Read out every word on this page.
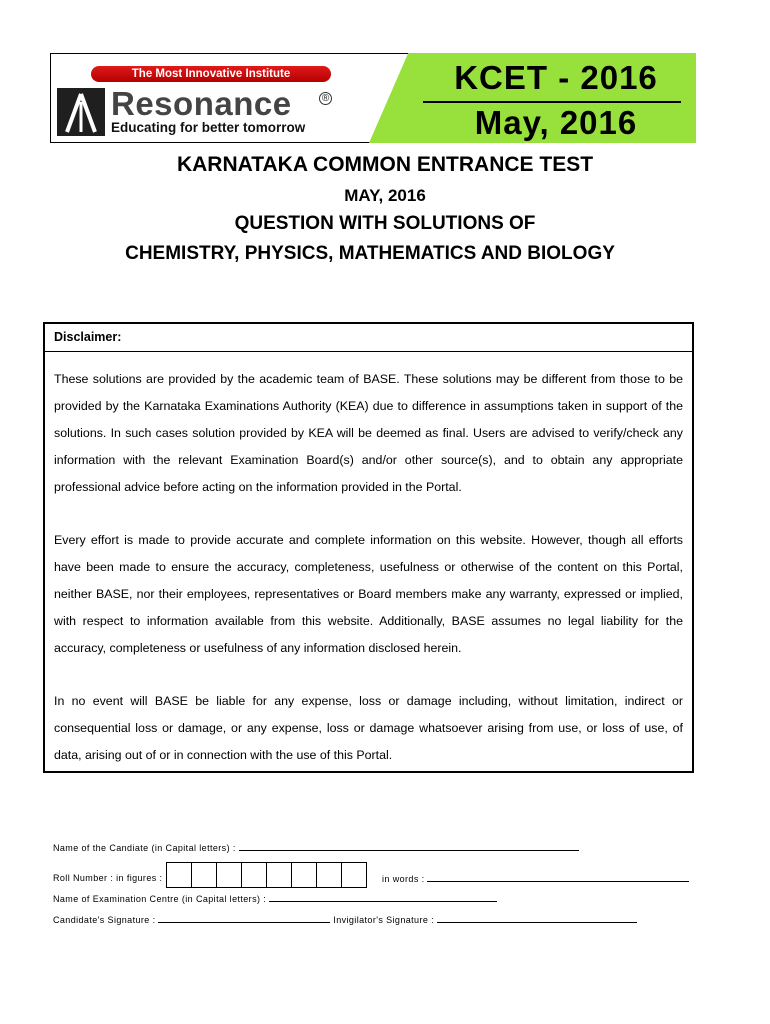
The Most Innovative Institute
Resonance	®
Educating for better tomorrow
KCET - 2016
May, 2016
KARNATAKA COMMON ENTRANCE TEST
MAY, 2016
QUESTION WITH SOLUTIONS OF
CHEMISTRY, PHYSICS, MATHEMATICS AND BIOLOGY
Disclaimer:

These solutions are provided by the academic team of BASE. These solutions may be different from those to be provided by the Karnataka Examinations Authority (KEA) due to difference in assumptions taken in support of the solutions. In such cases solution provided by KEA will be deemed as final. Users are advised to verify/check any information with the relevant Examination Board(s) and/or other source(s), and to obtain any appropriate professional advice before acting on the information provided in the Portal.

Every effort is made to provide accurate and complete information on this website. However, though all efforts have been made to ensure the accuracy, completeness, usefulness or otherwise of the content on this Portal, neither BASE, nor their employees, representatives or Board members make any warranty, expressed or implied, with respect to information available from this website. Additionally, BASE assumes no legal liability for the accuracy, completeness or usefulness of any information disclosed herein.

In no event will BASE be liable for any expense, loss or damage including, without limitation, indirect or consequential loss or damage, or any expense, loss or damage whatsoever arising from use, or loss of use, of data, arising out of or in connection with the use of this Portal.

Name of the Candiate (in Capital letters) :
Roll Number : in figures :	in words :
Name of Examination Centre (in Capital letters) :
Candidate's Signature :	Invigilator's Signature :
